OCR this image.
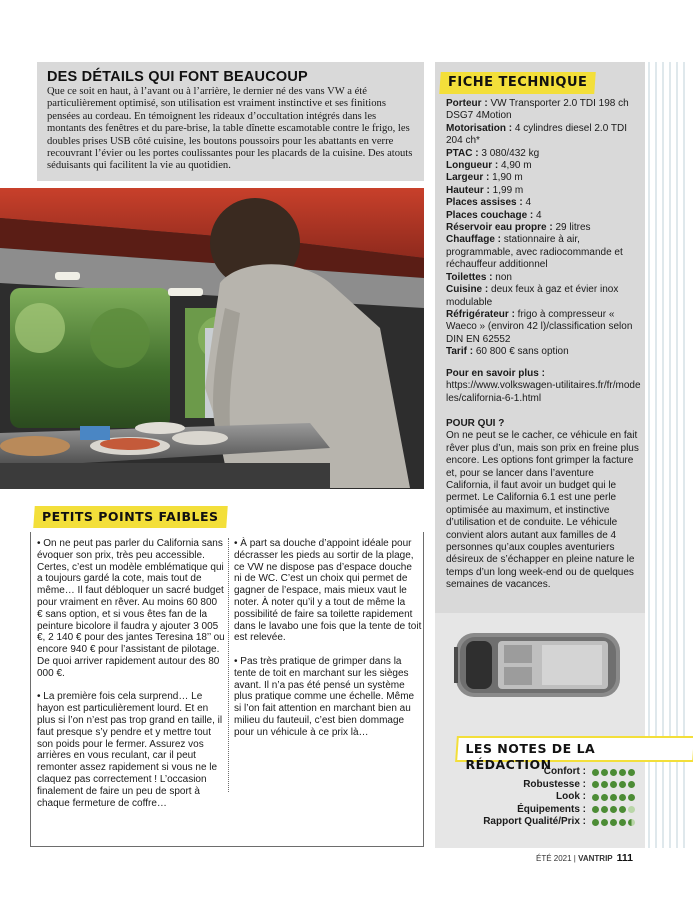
DES DÉTAILS QUI FONT BEAUCOUP

Que ce soit en haut, à l’avant ou à l’arrière, le dernier né des vans VW a été particulièrement optimisé, son utilisation est vraiment instinctive et ses finitions pensées au cordeau. En témoignent les rideaux d’occultation intégrés dans les montants des fenêtres et du pare-brise, la table dînette escamotable contre le frigo, les doubles prises USB côté cuisine, les boutons poussoirs pour les abattants en verre recouvrant l’évier ou les portes coulissantes pour les placards de la cuisine. Des atouts séduisants qui facilitent la vie au quotidien.

FICHE TECHNIQUE
Porteur : VW Transporter 2.0 TDI 198 ch DSG7 4Motion
Motorisation : 4 cylindres diesel 2.0 TDI 204 ch*
PTAC : 3 080/432 kg
Longueur : 4,90 m
Largeur : 1,90 m
Hauteur : 1,99 m
Places assises : 4
Places couchage : 4
Réservoir eau propre : 29 litres
Chauffage : stationnaire à air, programmable, avec radiocommande et réchauffeur additionnel
Toilettes : non
Cuisine : deux feux à gaz et évier inox modulable
Réfrigérateur : frigo à compresseur « Waeco » (environ 42 l)/classification selon DIN EN 62552
Tarif : 60 800 € sans option
Pour en savoir plus :
https://www.volkswagen-utilitaires.fr/fr/modeles/california-6-1.html
POUR QUI ?
On ne peut se le cacher, ce véhicule en fait rêver plus d’un, mais son prix en freine plus encore. Les options font grimper la facture et, pour se lancer dans l’aventure California, il faut avoir un budget qui le permet. Le California 6.1 est une perle optimisée au maximum, et instinctive d’utilisation et de conduite. Le véhicule convient alors autant aux familles de 4 personnes qu’aux couples aventuriers désireux de s’échapper en pleine nature le temps d’un long week-end ou de quelques semaines de vacances.
LES NOTES DE LA RÉDACTION
Confort :
Robustesse :
Look :
Équipements :
Rapport Qualité/Prix :
PETITS POINTS FAIBLES

• On ne peut pas parler du California sans évoquer son prix, très peu accessible. Certes, c’est un modèle emblématique qui a toujours gardé la cote, mais tout de même… Il faut débloquer un sacré budget pour vraiment en rêver. Au moins 60 800 € sans option, et si vous êtes fan de la peinture bicolore il faudra y ajouter 3 005 €, 2 140 € pour des jantes Teresina 18’’ ou encore 940 € pour l’assistant de pilotage. De quoi arriver rapidement autour des 80 000 €.

• La première fois cela surprend… Le hayon est particulièrement lourd. Et en plus si l’on n’est pas trop grand en taille, il faut presque s’y pendre et y mettre tout son poids pour le fermer. Assurez vos arrières en vous reculant, car il peut remonter assez rapidement si vous ne le claquez pas correctement ! L’occasion finalement de faire un peu de sport à chaque fermeture de coffre…

• À part sa douche d’appoint idéale pour décrasser les pieds au sortir de la plage, ce VW ne dispose pas d’espace douche ni de WC. C’est un choix qui permet de gagner de l’espace, mais mieux vaut le noter. À noter qu’il y a tout de même la possibilité de faire sa toilette rapidement dans le lavabo une fois que la tente de toit est relevée.

• Pas très pratique de grimper dans la tente de toit en marchant sur les sièges avant. Il n’a pas été pensé un système plus pratique comme une échelle. Même si l’on fait attention en marchant bien au milieu du fauteuil, c’est bien dommage pour un véhicule à ce prix là…

ÉTÉ 2021 | VANTRIP 111
